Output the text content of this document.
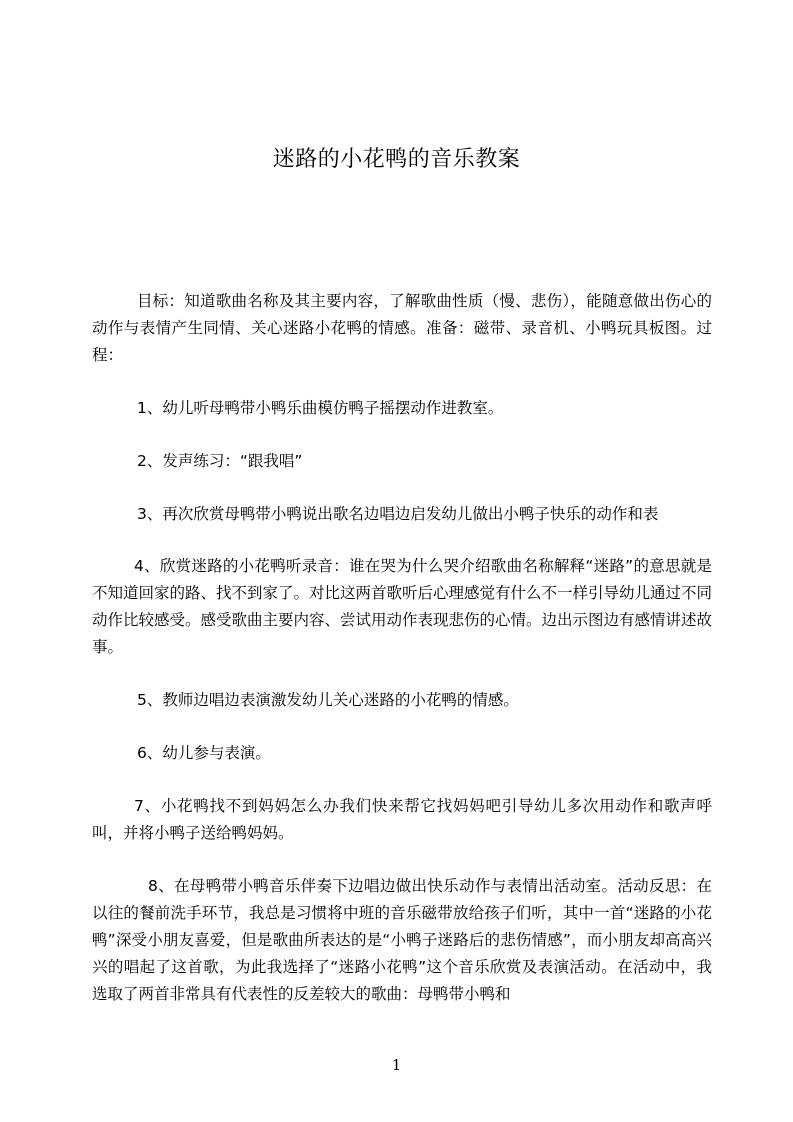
迷路的小花鸭的音乐教案

目标：知道歌曲名称及其主要内容，了解歌曲性质（慢、悲伤），能随意做出伤心的动作与表情产生同情、关心迷路小花鸭的情感。准备：磁带、录音机、小鸭玩具板图。过程：

1、幼儿听母鸭带小鸭乐曲模仿鸭子摇摆动作进教室。

2、发声练习：“跟我唱”

3、再次欣赏母鸭带小鸭说出歌名边唱边启发幼儿做出小鸭子快乐的动作和表

4、欣赏迷路的小花鸭听录音：谁在哭为什么哭介绍歌曲名称解释“迷路”的意思就是不知道回家的路、找不到家了。对比这两首歌听后心理感觉有什么不一样引导幼儿通过不同动作比较感受。感受歌曲主要内容、尝试用动作表现悲伤的心情。边出示图边有感情讲述故事。

5、教师边唱边表演激发幼儿关心迷路的小花鸭的情感。

6、幼儿参与表演。

7、小花鸭找不到妈妈怎么办我们快来帮它找妈妈吧引导幼儿多次用动作和歌声呼叫，并将小鸭子送给鸭妈妈。

8、在母鸭带小鸭音乐伴奏下边唱边做出快乐动作与表情出活动室。活动反思：在以往的餐前洗手环节，我总是习惯将中班的音乐磁带放给孩子们听，其中一首“迷路的小花鸭”深受小朋友喜爱，但是歌曲所表达的是“小鸭子迷路后的悲伤情感”，而小朋友却高高兴兴的唱起了这首歌，为此我选择了“迷路小花鸭”这个音乐欣赏及表演活动。在活动中，我选取了两首非常具有代表性的反差较大的歌曲：母鸭带小鸭和

1
